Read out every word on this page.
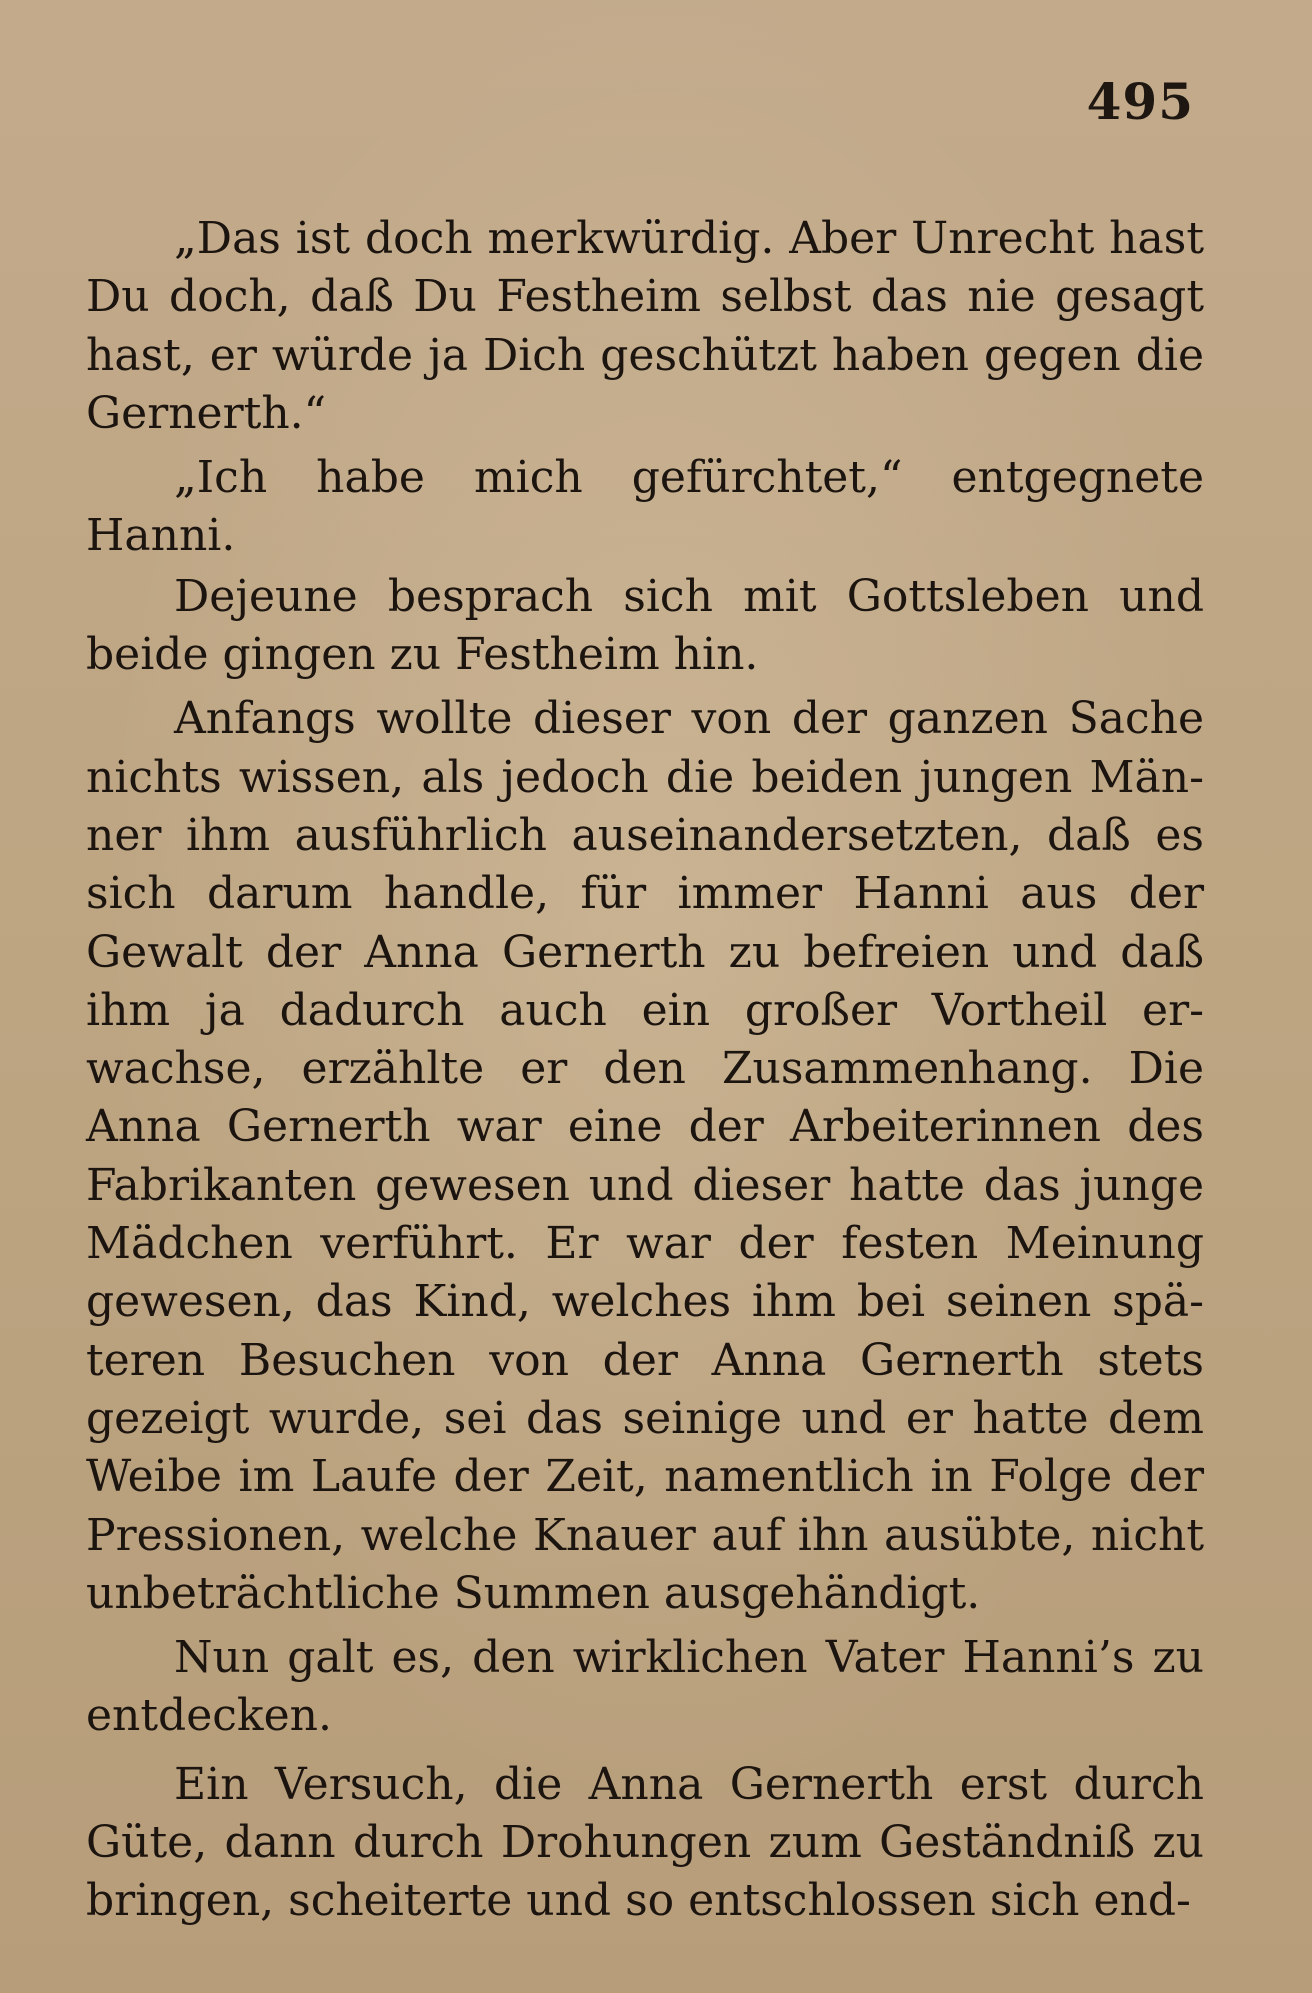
495

„Das ist doch merkwürdig. Aber Unrecht hast Du doch, daß Du Festheim selbst das nie gesagt hast, er würde ja Dich geschützt haben gegen die Gernerth.“

„Ich habe mich gefürchtet,“ entgegnete Hanni.

Dejeune besprach sich mit Gottsleben und beide gingen zu Festheim hin.

Anfangs wollte dieser von der ganzen Sache nichts wissen, als jedoch die beiden jungen Männer ihm ausführlich auseinandersetzten, daß es sich darum handle, für immer Hanni aus der Gewalt der Anna Gernerth zu befreien und daß ihm ja dadurch auch ein großer Vortheil erwachse, erzählte er den Zusammenhang. Die Anna Gernerth war eine der Arbeiterinnen des Fabrikanten gewesen und dieser hatte das junge Mädchen verführt. Er war der festen Meinung gewesen, das Kind, welches ihm bei seinen späteren Besuchen von der Anna Gernerth stets gezeigt wurde, sei das seinige und er hatte dem Weibe im Laufe der Zeit, namentlich in Folge der Pressionen, welche Knauer auf ihn ausübte, nicht unbeträchtliche Summen ausgehändigt.

Nun galt es, den wirklichen Vater Hanni’s zu entdecken.

Ein Versuch, die Anna Gernerth erst durch Güte, dann durch Drohungen zum Geständniß zu bringen, scheiterte und so entschlossen sich end-
